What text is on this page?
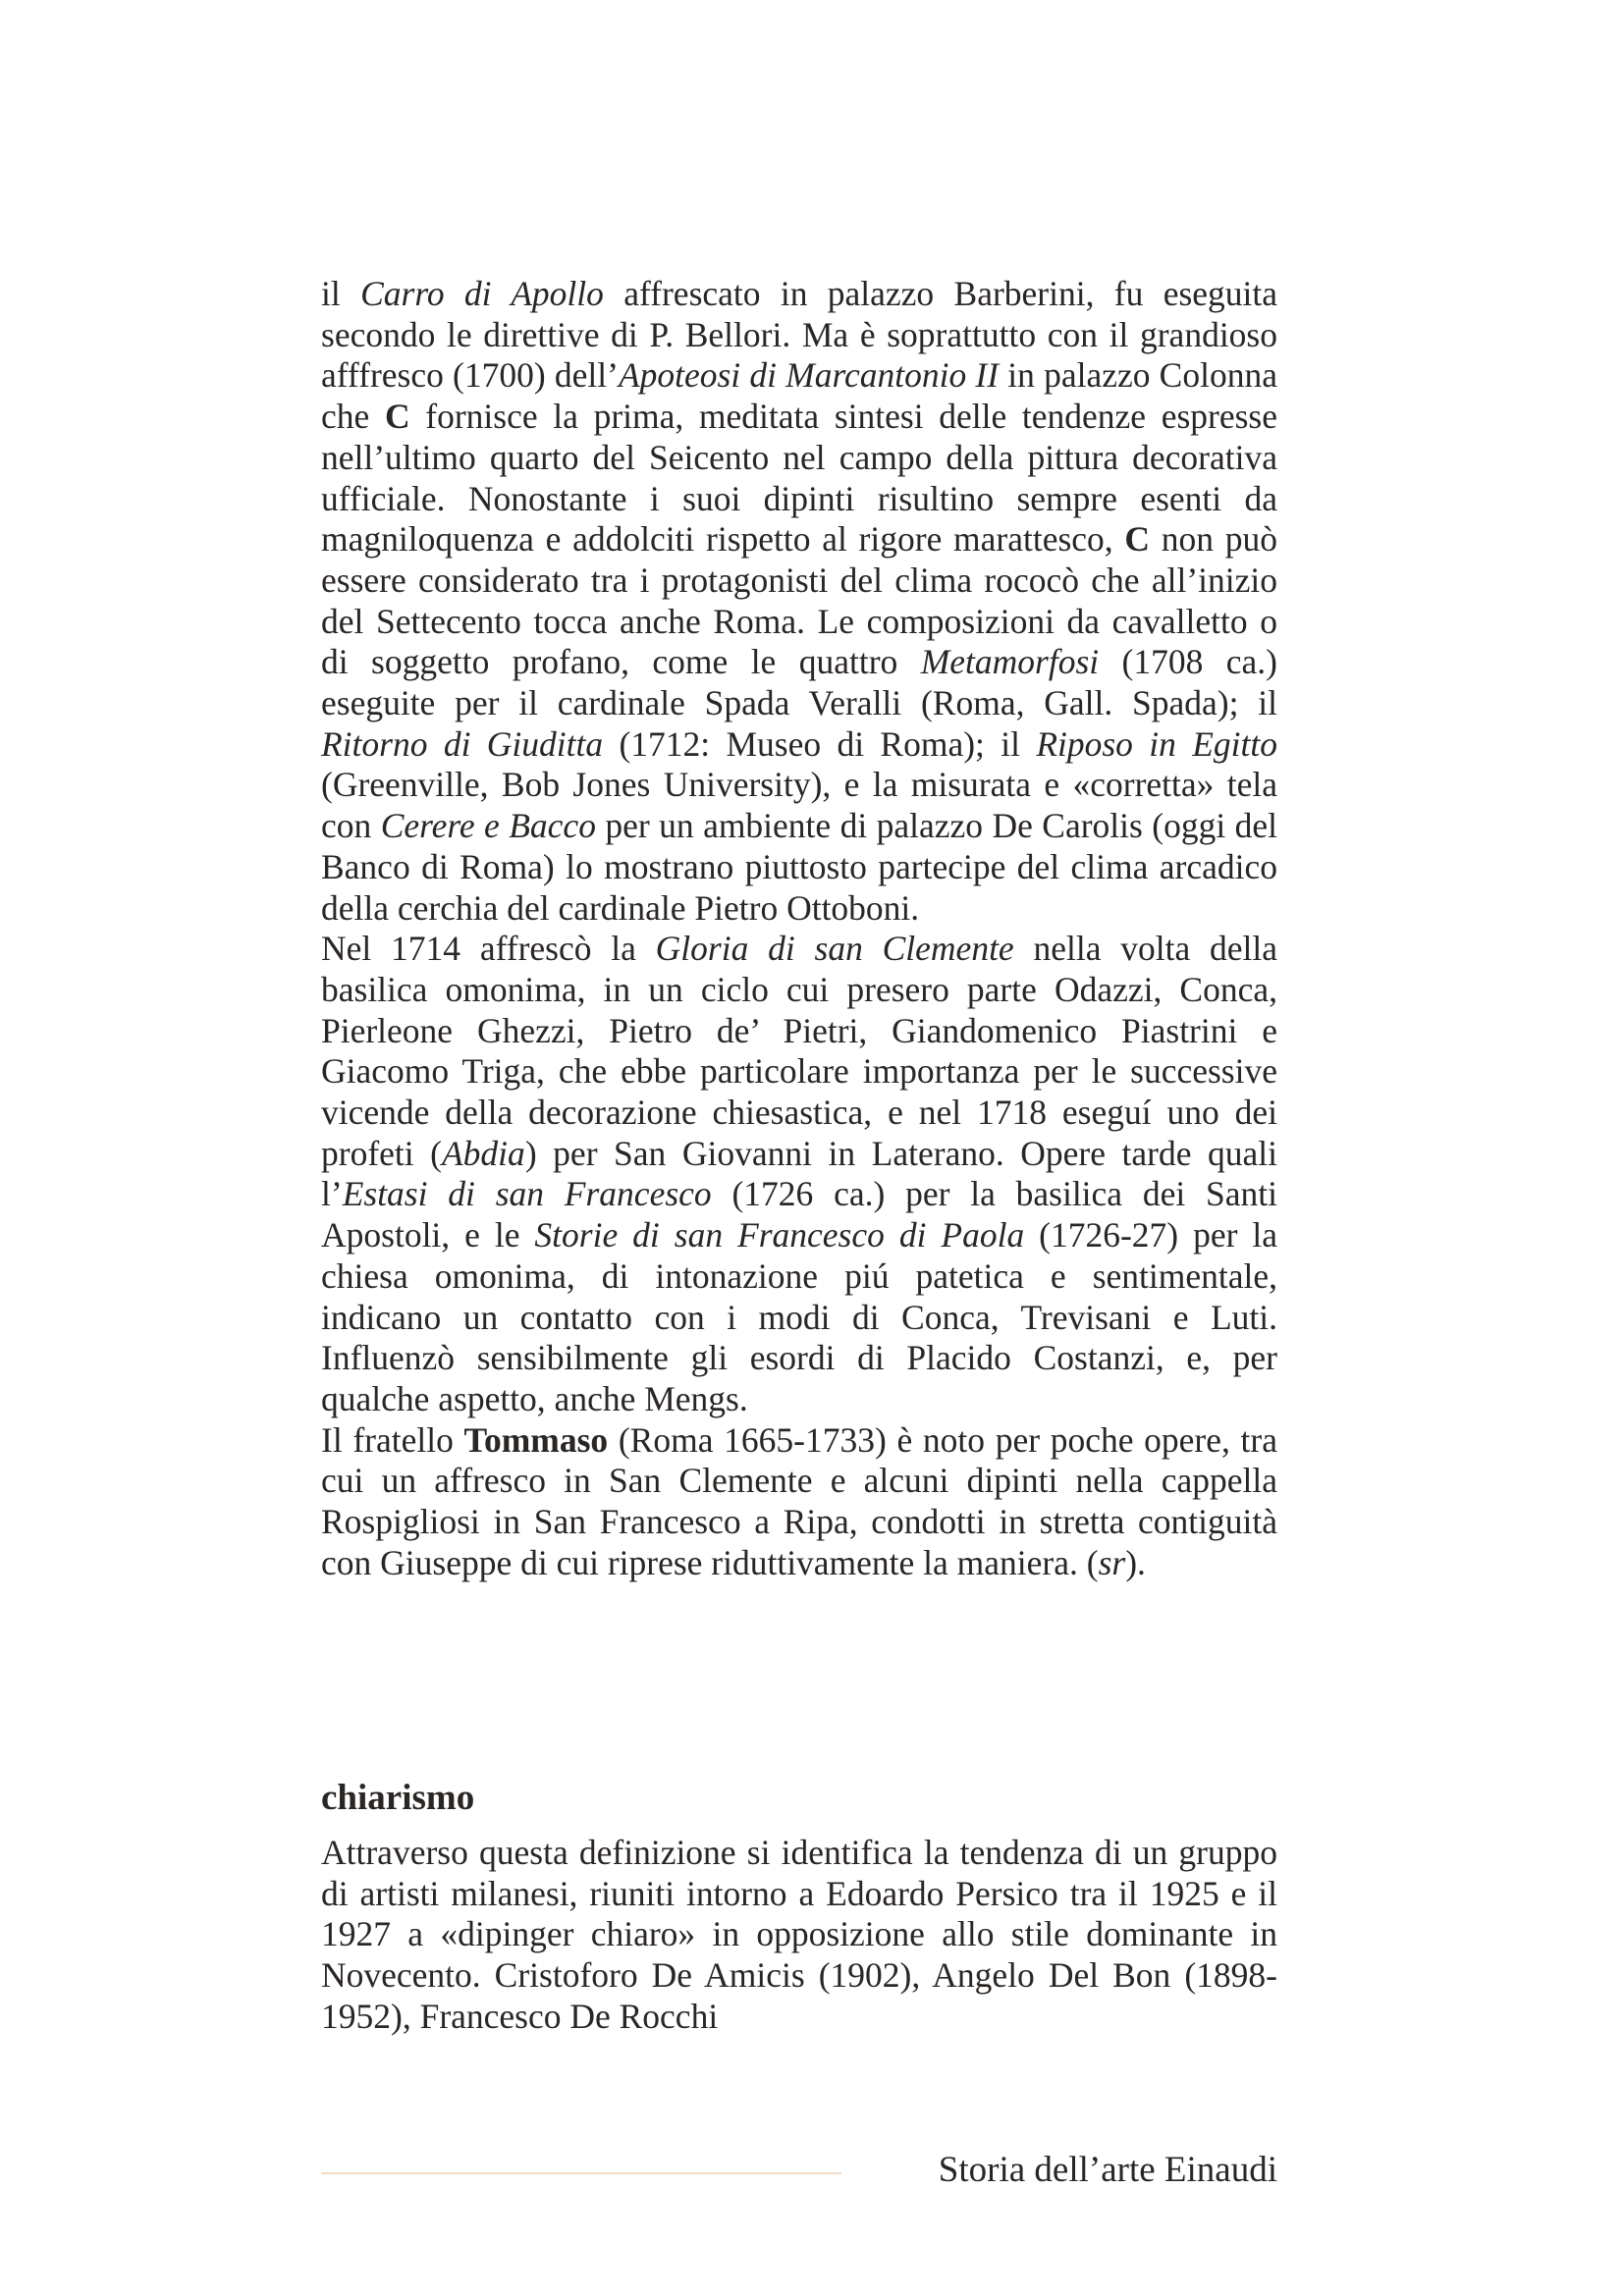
il Carro di Apollo affrescato in palazzo Barberini, fu eseguita secondo le direttive di P. Bellori. Ma è soprattutto con il grandioso afffresco (1700) dell’Apoteosi di Marcantonio II in palazzo Colonna che C fornisce la prima, meditata sintesi delle tendenze espresse nell’ultimo quarto del Seicento nel campo della pittura decorativa ufficiale. Nonostante i suoi dipinti risultino sempre esenti da magniloquenza e addolciti rispetto al rigore marattesco, C non può essere considerato tra i protagonisti del clima rococò che all’inizio del Settecento tocca anche Roma. Le composizioni da cavalletto o di soggetto profano, come le quattro Metamorfosi (1708 ca.) eseguite per il cardinale Spada Veralli (Roma, Gall. Spada); il Ritorno di Giuditta (1712: Museo di Roma); il Riposo in Egitto (Greenville, Bob Jones University), e la misurata e «corretta» tela con Cerere e Bacco per un ambiente di palazzo De Carolis (oggi del Banco di Roma) lo mostrano piuttosto partecipe del clima arcadico della cerchia del cardinale Pietro Ottoboni.

Nel 1714 affrescò la Gloria di san Clemente nella volta della basilica omonima, in un ciclo cui presero parte Odazzi, Conca, Pierleone Ghezzi, Pietro de’ Pietri, Giandomenico Piastrini e Giacomo Triga, che ebbe particolare importanza per le successive vicende della decorazione chiesastica, e nel 1718 eseguí uno dei profeti (Abdia) per San Giovanni in Laterano. Opere tarde quali l’Estasi di san Francesco (1726 ca.) per la basilica dei Santi Apostoli, e le Storie di san Francesco di Paola (1726-27) per la chiesa omonima, di intonazione piú patetica e sentimentale, indicano un contatto con i modi di Conca, Trevisani e Luti. Influenzò sensibilmente gli esordi di Placido Costanzi, e, per qualche aspetto, anche Mengs.

Il fratello Tommaso (Roma 1665-1733) è noto per poche opere, tra cui un affresco in San Clemente e alcuni dipinti nella cappella Rospigliosi in San Francesco a Ripa, condotti in stretta contiguità con Giuseppe di cui riprese riduttivamente la maniera. (sr).

chiarismo

Attraverso questa definizione si identifica la tendenza di un gruppo di artisti milanesi, riuniti intorno a Edoardo Persico tra il 1925 e il 1927 a «dipinger chiaro» in opposizione allo stile dominante in Novecento. Cristoforo De Amicis (1902), Angelo Del Bon (1898-1952), Francesco De Rocchi

Storia dell’arte Einaudi
